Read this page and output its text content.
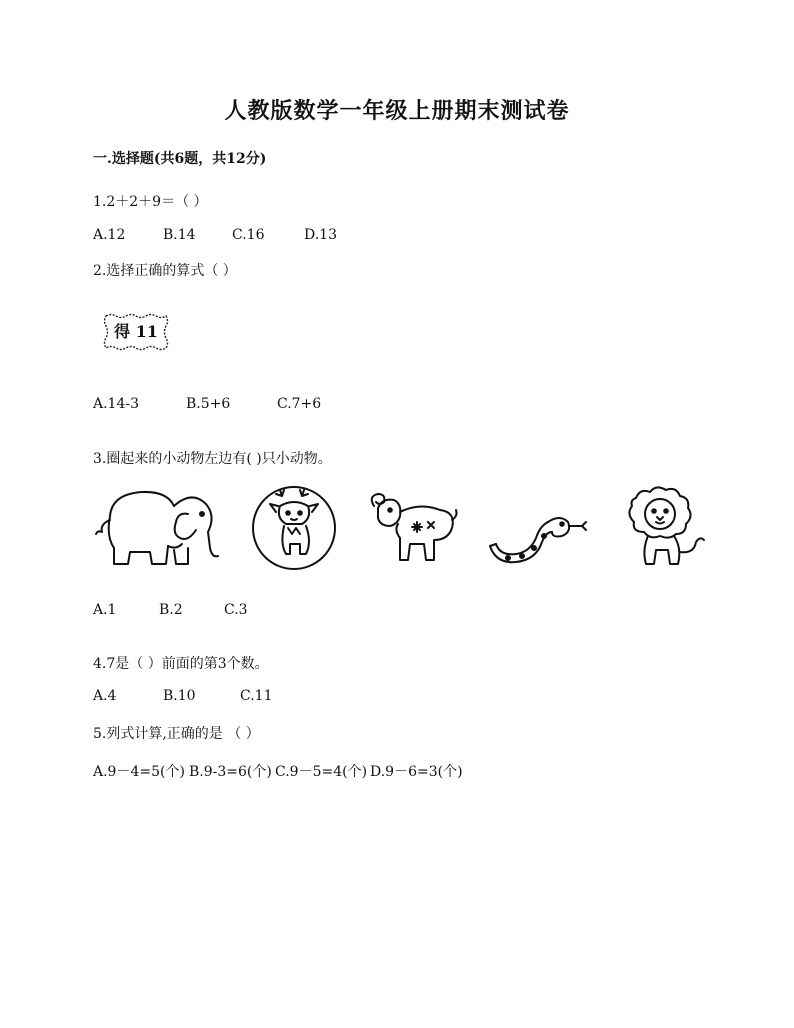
人教版数学一年级上册期末测试卷
一.选择题(共6题，共12分)
1.2＋2＋9＝（ ）
A.12	B.14	C.16	D.13
2.选择正确的算式（ ）
得 11
A.14-3	B.5+6	C.7+6
3.圈起来的小动物左边有( )只小动物。
A.1	B.2	C.3
4.7是（ ）前面的第3个数。
A.4	B.10	C.11
5.列式计算,正确的是 （ ）
A.9－4=5(个) B.9-3=6(个) C.9－5=4(个) D.9－6=3(个)
